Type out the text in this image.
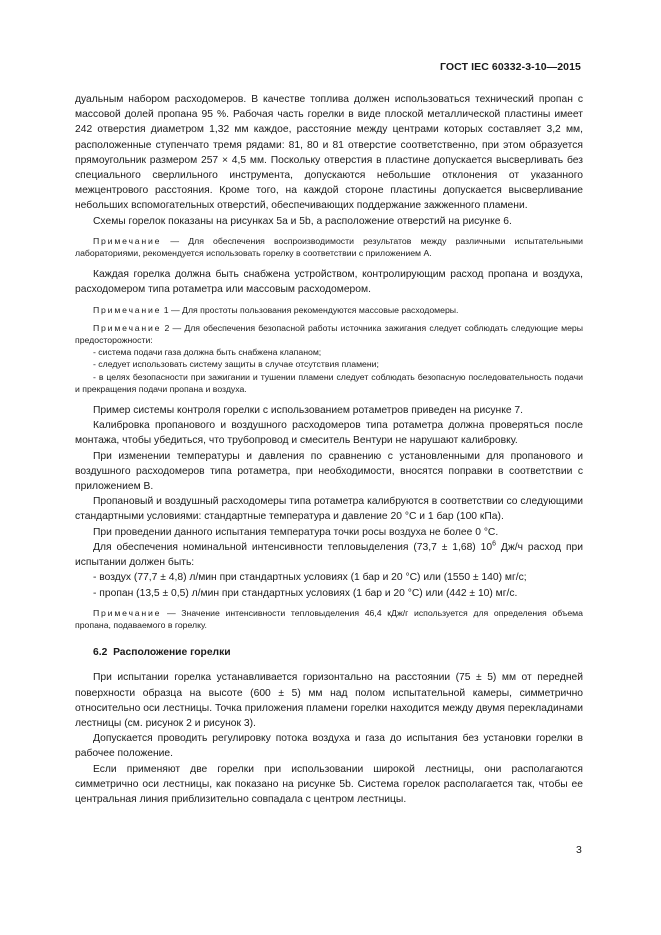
ГОСТ IEC 60332-3-10—2015

дуальным набором расходомеров. В качестве топлива должен использоваться технический пропан с массовой долей пропана 95 %. Рабочая часть горелки в виде плоской металлической пластины имеет 242 отверстия диаметром 1,32 мм каждое, расстояние между центрами которых составляет 3,2 мм, расположенные ступенчато тремя рядами: 81, 80 и 81 отверстие соответственно, при этом образуется прямоугольник размером 257 × 4,5 мм. Поскольку отверстия в пластине допускается высверливать без специального сверлильного инструмента, допускаются небольшие отклонения от указанного межцентрового расстояния. Кроме того, на каждой стороне пластины допускается высверливание небольших вспомогательных отверстий, обеспечивающих поддержание зажженного пламени.

Схемы горелок показаны на рисунках 5a и 5b, а расположение отверстий на рисунке 6.

Примечание — Для обеспечения воспроизводимости результатов между различными испытательными лабораториями, рекомендуется использовать горелку в соответствии с приложением А.

Каждая горелка должна быть снабжена устройством, контролирующим расход пропана и воздуха, расходомером типа ротаметра или массовым расходомером.

Примечание 1 — Для простоты пользования рекомендуются массовые расходомеры.

Примечание 2 — Для обеспечения безопасной работы источника зажигания следует соблюдать следующие меры предосторожности:

- система подачи газа должна быть снабжена клапаном;

- следует использовать систему защиты в случае отсутствия пламени;

- в целях безопасности при зажигании и тушении пламени следует соблюдать безопасную последовательность подачи и прекращения подачи пропана и воздуха.

Пример системы контроля горелки с использованием ротаметров приведен на рисунке 7.

Калибровка пропанового и воздушного расходомеров типа ротаметра должна проверяться после монтажа, чтобы убедиться, что трубопровод и смеситель Вентури не нарушают калибровку.

При изменении температуры и давления по сравнению с установленными для пропанового и воздушного расходомеров типа ротаметра, при необходимости, вносятся поправки в соответствии с приложением В.

Пропановый и воздушный расходомеры типа ротаметра калибруются в соответствии со следующими стандартными условиями: стандартные температура и давление 20 °C и 1 бар (100 кПа).

При проведении данного испытания температура точки росы воздуха не более 0 °C.

Для обеспечения номинальной интенсивности тепловыделения (73,7 ± 1,68) $10^6$ Дж/ч расход при испытании должен быть:

- воздух (77,7 ± 4,8) л/мин при стандартных условиях (1 бар и 20 °C) или (1550 ± 140) мг/с;

- пропан (13,5 ± 0,5) л/мин при стандартных условиях (1 бар и 20 °C) или (442 ± 10) мг/с.

Примечание — Значение интенсивности тепловыделения 46,4 кДж/г используется для определения объема пропана, подаваемого в горелку.

6.2 Расположение горелки

При испытании горелка устанавливается горизонтально на расстоянии (75 ± 5) мм от передней поверхности образца на высоте (600 ± 5) мм над полом испытательной камеры, симметрично относительно оси лестницы. Точка приложения пламени горелки находится между двумя перекладинами лестницы (см. рисунок 2 и рисунок 3).

Допускается проводить регулировку потока воздуха и газа до испытания без установки горелки в рабочее положение.

Если применяют две горелки при использовании широкой лестницы, они располагаются симметрично оси лестницы, как показано на рисунке 5b. Система горелок располагается так, чтобы ее центральная линия приблизительно совпадала с центром лестницы.

3
